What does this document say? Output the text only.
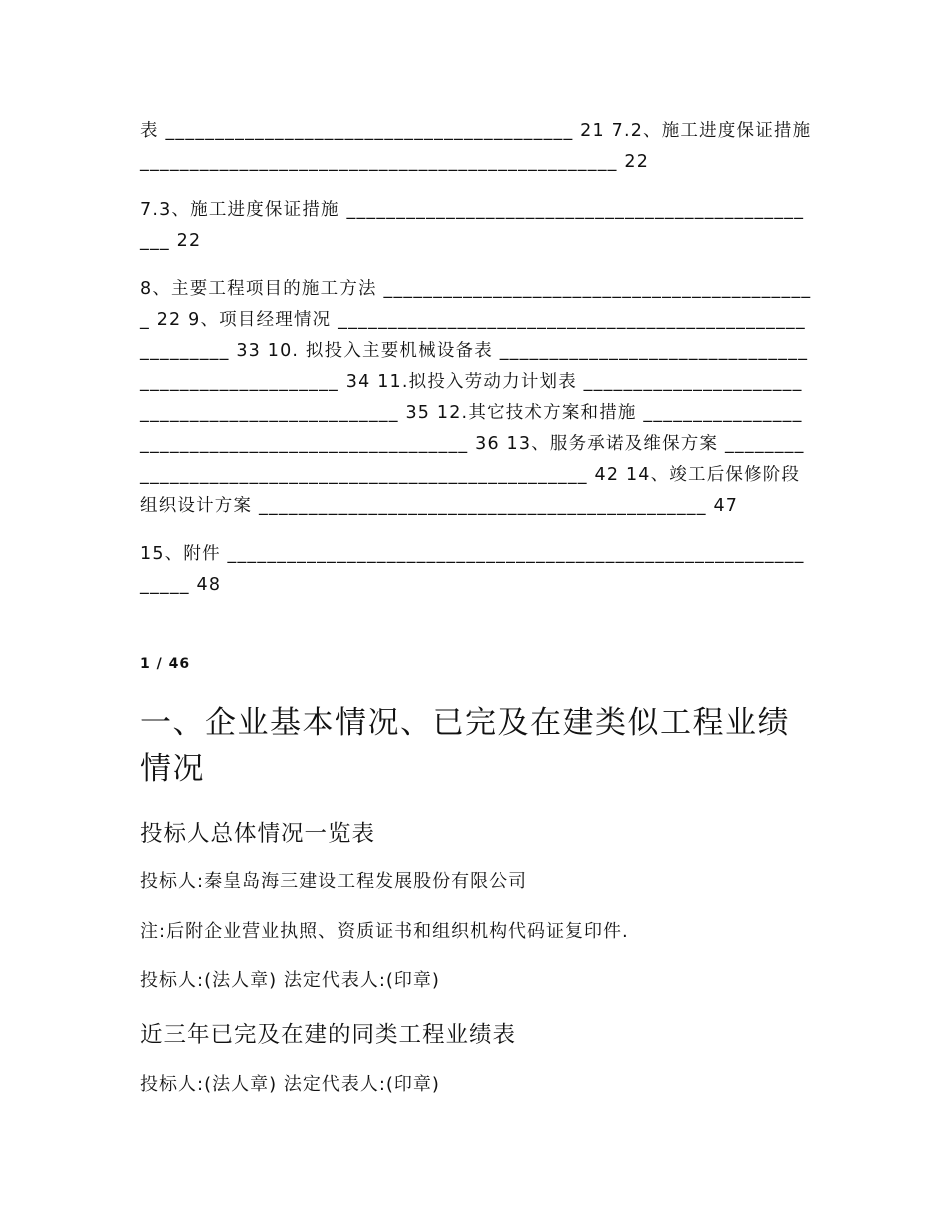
表 _________________________________________ 21 7.2、施工进度保证措施 ________________________________________________ 22
7.3、施工进度保证措施 _________________________________________________ 22
8、主要工程项目的施工方法 ____________________________________________ 22 9、项目经理情况 ________________________________________________________ 33 10. 拟投入主要机械设备表 ___________________________________________________ 34 11.拟投入劳动力计划表 ________________________________________________ 35 12.其它技术方案和措施 _________________________________________________ 36 13、服务承诺及维保方案 _____________________________________________________ 42 14、竣工后保修阶段组织设计方案 _____________________________________________ 47
15、附件 _______________________________________________________________ 48
1 / 46
一、企业基本情况、已完及在建类似工程业绩情况
投标人总体情况一览表
投标人:秦皇岛海三建设工程发展股份有限公司
注:后附企业营业执照、资质证书和组织机构代码证复印件.
投标人:(法人章) 法定代表人:(印章)
近三年已完及在建的同类工程业绩表
投标人:(法人章) 法定代表人:(印章)
